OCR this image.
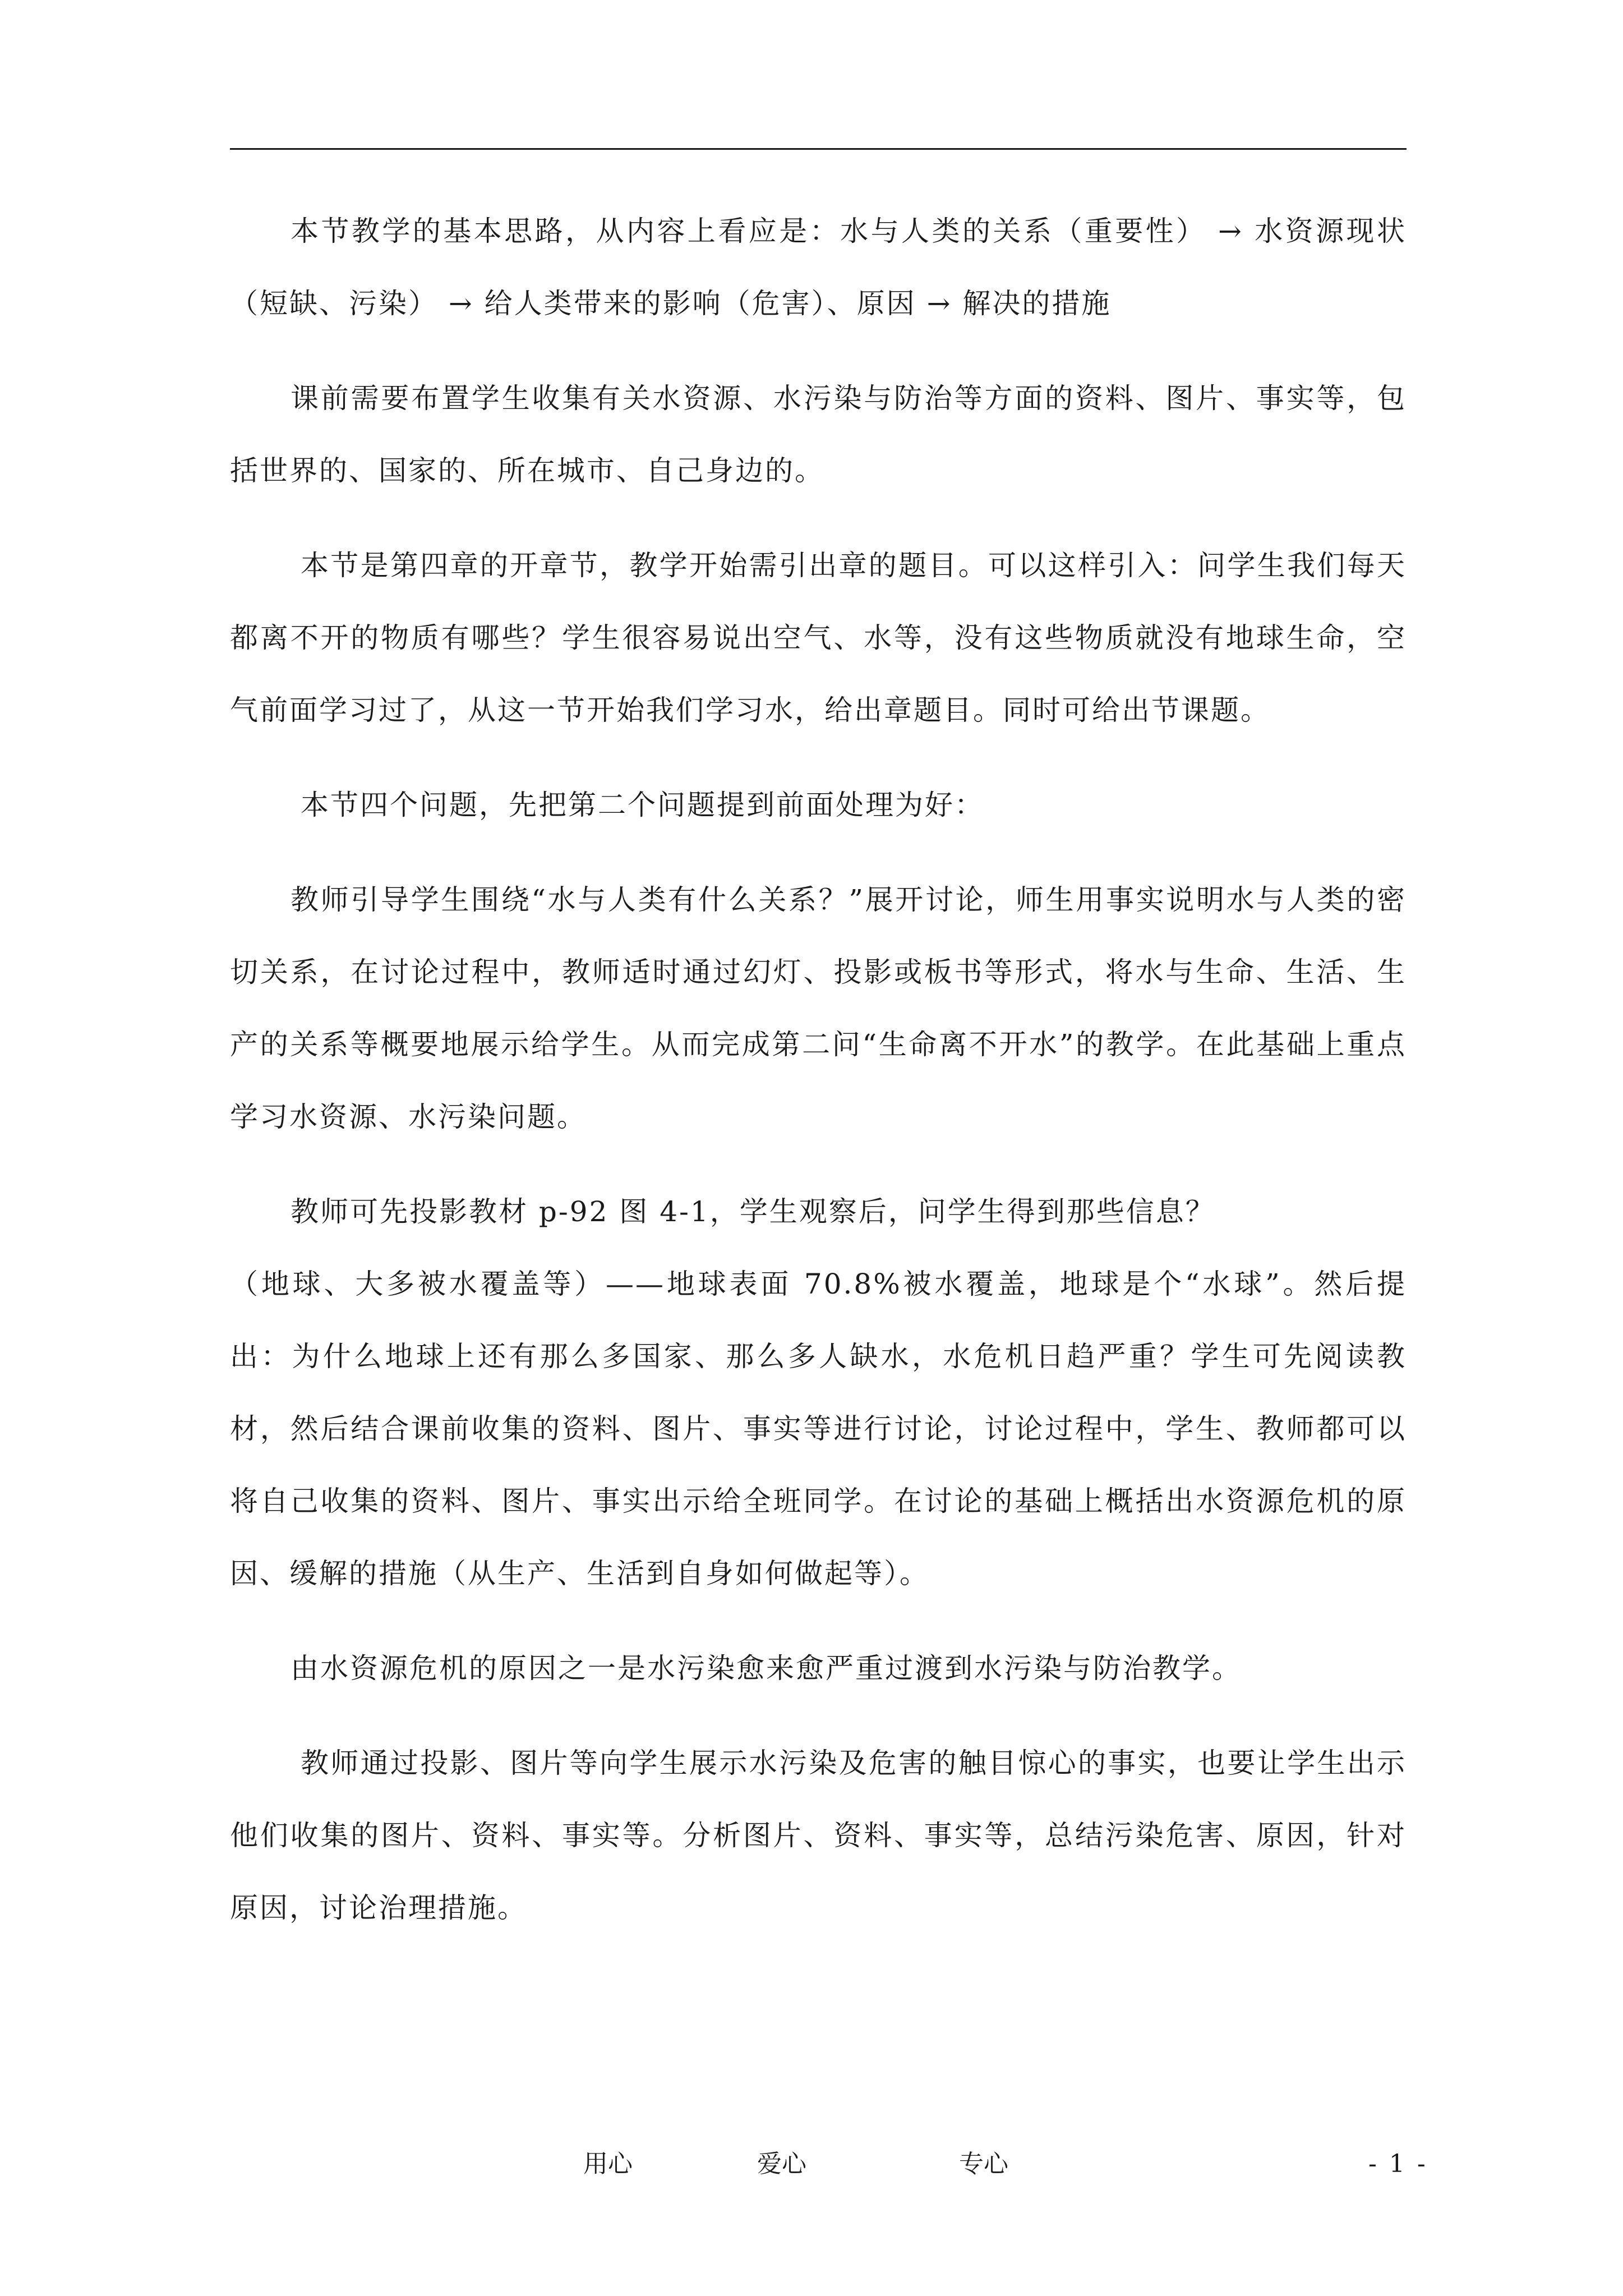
本节教学的基本思路，从内容上看应是：水与人类的关系（重要性） → 水资源现状（短缺、污染） → 给人类带来的影响（危害）、原因 → 解决的措施

课前需要布置学生收集有关水资源、水污染与防治等方面的资料、图片、事实等，包括世界的、国家的、所在城市、自己身边的。

本节是第四章的开章节，教学开始需引出章的题目。可以这样引入：问学生我们每天都离不开的物质有哪些？学生很容易说出空气、水等，没有这些物质就没有地球生命，空气前面学习过了，从这一节开始我们学习水，给出章题目。同时可给出节课题。

本节四个问题，先把第二个问题提到前面处理为好：

教师引导学生围绕“水与人类有什么关系？”展开讨论，师生用事实说明水与人类的密切关系，在讨论过程中，教师适时通过幻灯、投影或板书等形式，将水与生命、生活、生产的关系等概要地展示给学生。从而完成第二问“生命离不开水”的教学。在此基础上重点学习水资源、水污染问题。

教师可先投影教材 p-92 图 4-1，学生观察后，问学生得到那些信息？

（地球、大多被水覆盖等）——地球表面 70.8%被水覆盖，地球是个“水球”。然后提出：为什么地球上还有那么多国家、那么多人缺水，水危机日趋严重？学生可先阅读教材，然后结合课前收集的资料、图片、事实等进行讨论，讨论过程中，学生、教师都可以将自己收集的资料、图片、事实出示给全班同学。在讨论的基础上概括出水资源危机的原因、缓解的措施（从生产、生活到自身如何做起等）。

由水资源危机的原因之一是水污染愈来愈严重过渡到水污染与防治教学。

教师通过投影、图片等向学生展示水污染及危害的触目惊心的事实，也要让学生出示他们收集的图片、资料、事实等。分析图片、资料、事实等，总结污染危害、原因，针对原因，讨论治理措施。

用心	爱心	专心	- 1 -
